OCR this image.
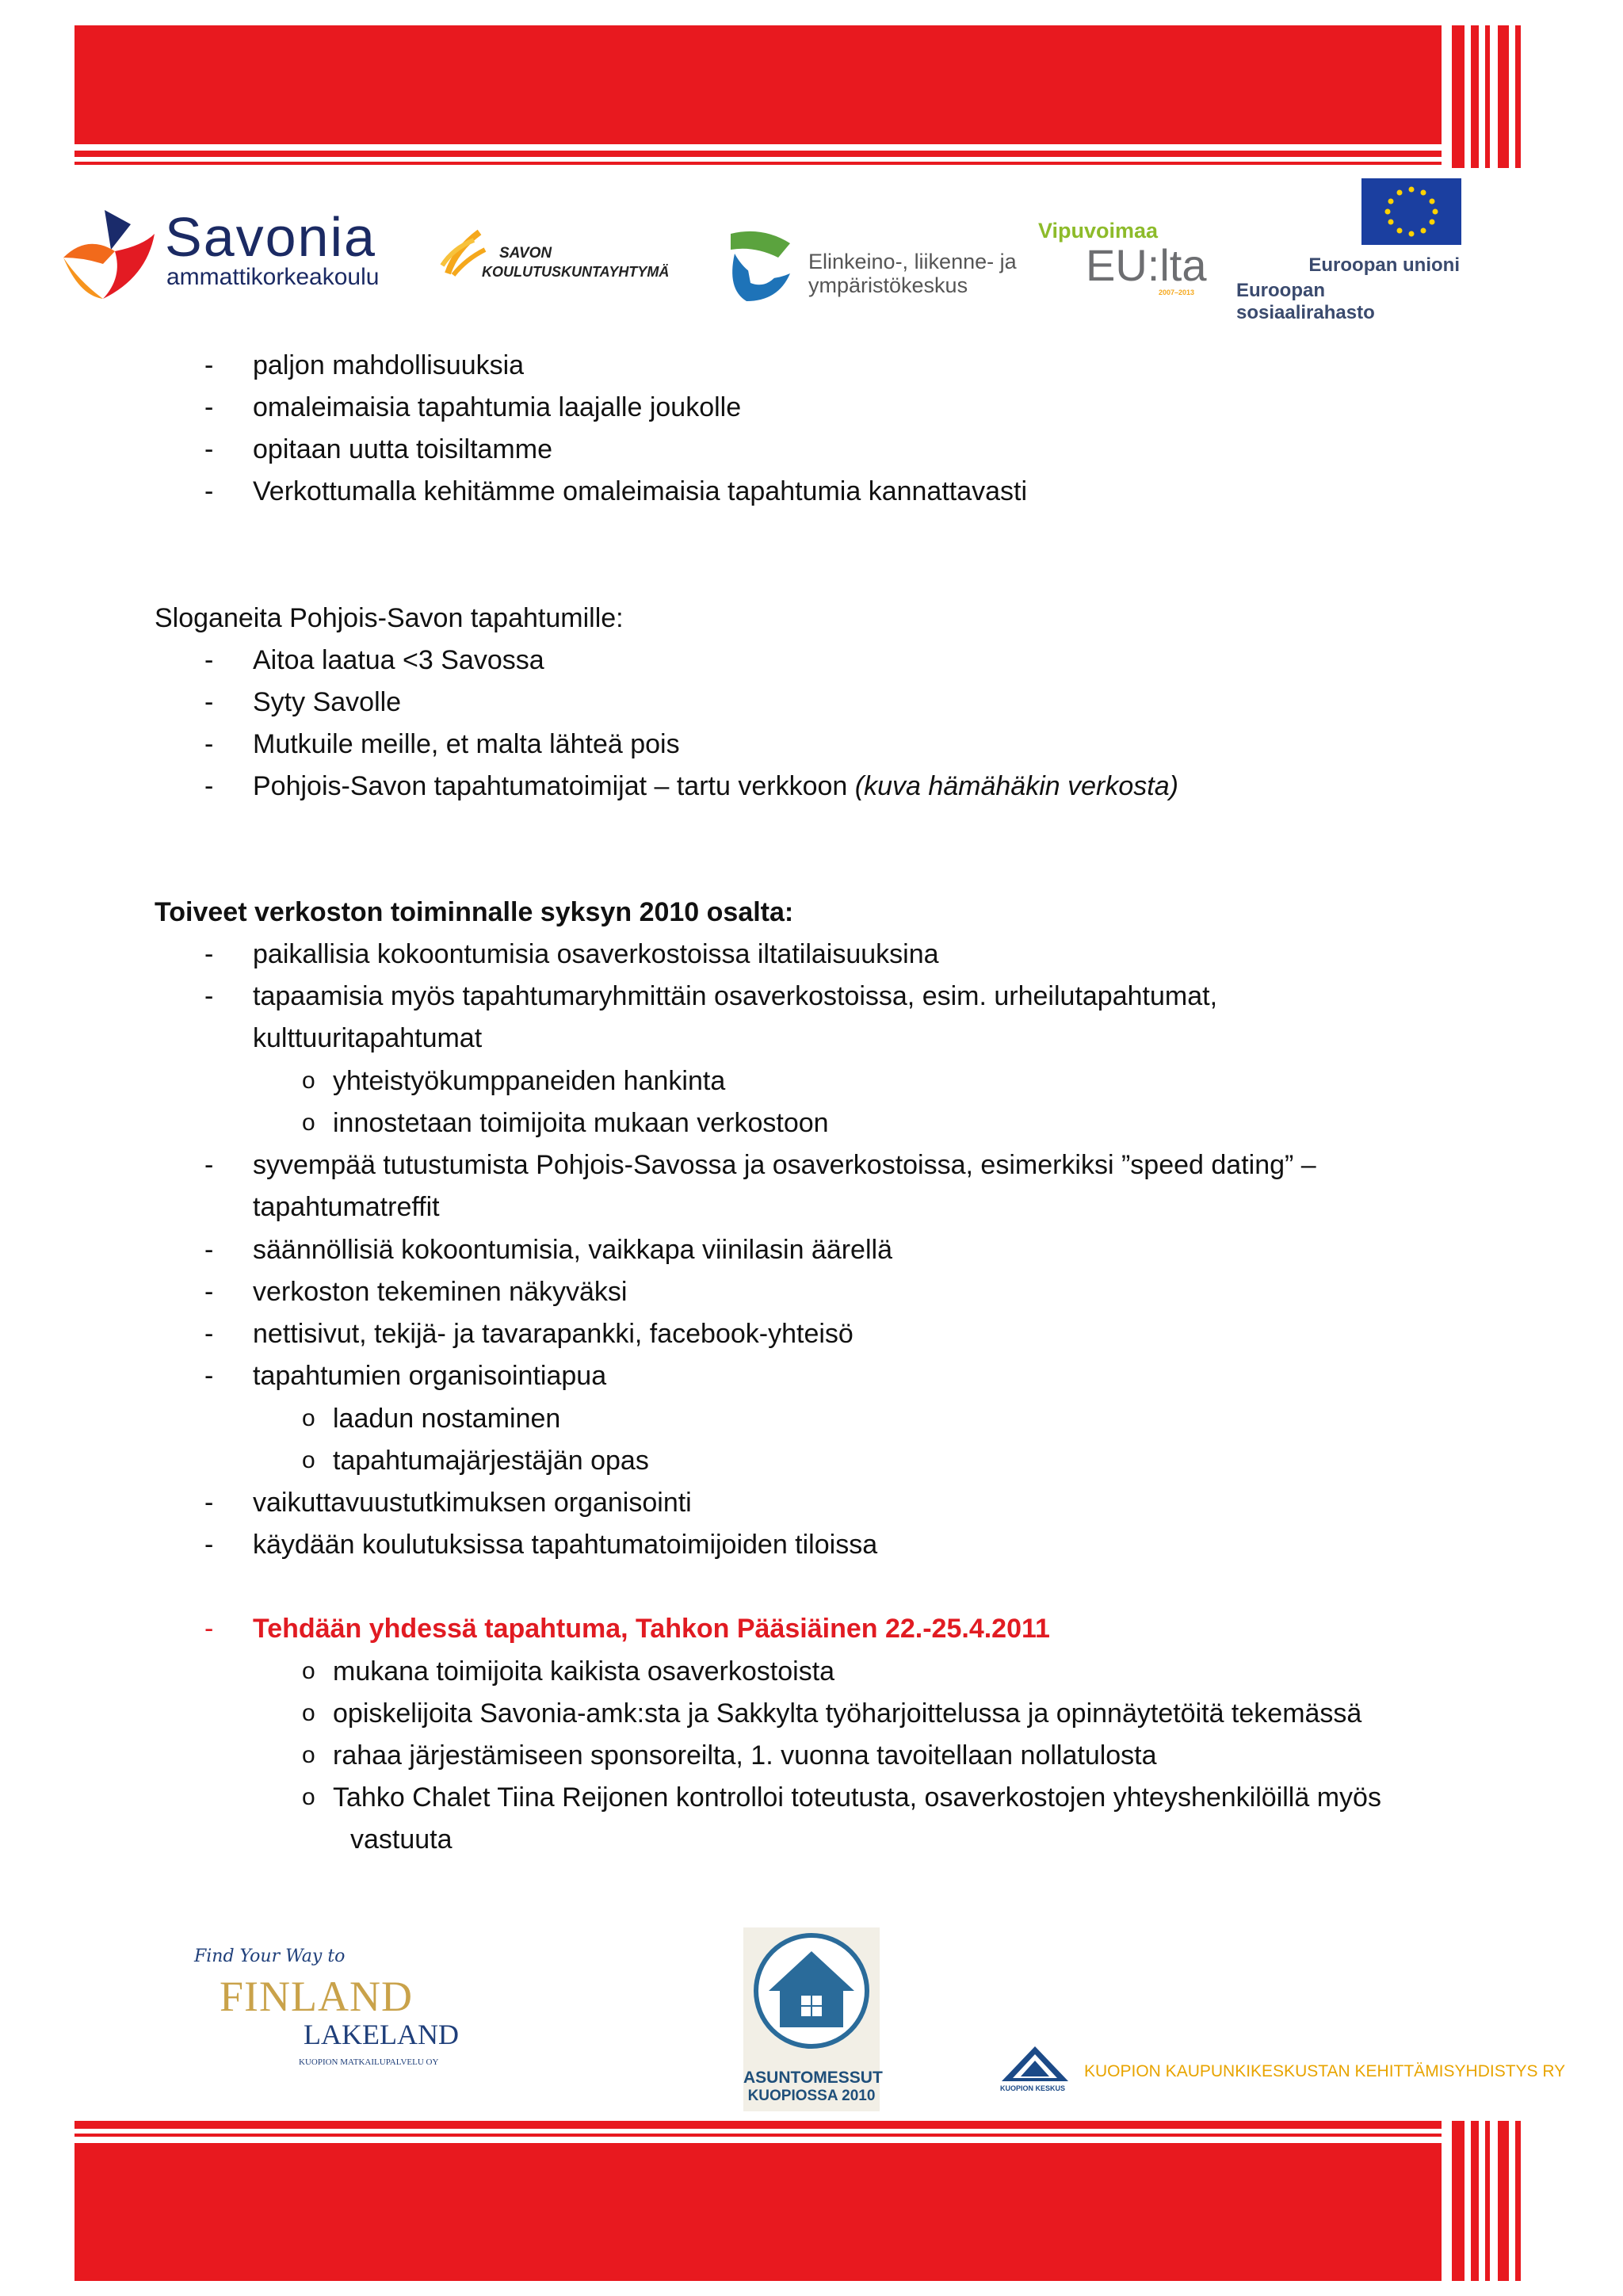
Savonia
ammattikorkeakoulu
SAVON
KOULUTUSKUNTAYHTYMÄ	Elinkeino-, liikenne- ja
ympäristökeskus
Vipuvoimaa
EU:lta
2007–2013
Euroopan unioni
Euroopan sosiaalirahasto
- paljon mahdollisuuksia
- omaleimaisia tapahtumia laajalle joukolle
- opitaan uutta toisiltamme
- Verkottumalla kehitämme omaleimaisia tapahtumia kannattavasti
Sloganeita Pohjois-Savon tapahtumille:
- Aitoa laatua <3 Savossa
- Syty Savolle
- Mutkuile meille, et malta lähteä pois
- Pohjois-Savon tapahtumatoimijat – tartu verkkoon (kuva hämähäkin verkosta)
Toiveet verkoston toiminnalle syksyn 2010 osalta:
- paikallisia kokoontumisia osaverkostoissa iltatilaisuuksina
- tapaamisia myös tapahtumaryhmittäin osaverkostoissa, esim. urheilutapahtumat,
kulttuuritapahtumat
o yhteistyökumppaneiden hankinta
o innostetaan toimijoita mukaan verkostoon
- syvempää tutustumista Pohjois-Savossa ja osaverkostoissa, esimerkiksi ”speed dating” –
tapahtumatreffit
- säännöllisiä kokoontumisia, vaikkapa viinilasin äärellä
- verkoston tekeminen näkyväksi
- nettisivut, tekijä- ja tavarapankki, facebook-yhteisö
- tapahtumien organisointiapua
o laadun nostaminen
o tapahtumajärjestäjän opas
- vaikuttavuustutkimuksen organisointi
- käydään koulutuksissa tapahtumatoimijoiden tiloissa
- Tehdään yhdessä tapahtuma, Tahkon Pääsiäinen 22.-25.4.2011
o mukana toimijoita kaikista osaverkostoista
o opiskelijoita Savonia-amk:sta ja Sakkylta työharjoittelussa ja opinnäytetöitä tekemässä
o rahaa järjestämiseen sponsoreilta, 1. vuonna tavoitellaan nollatulosta
o Tahko Chalet Tiina Reijonen kontrolloi toteutusta, osaverkostojen yhteyshenkilöillä myös
vastuuta
Find Your Way to
FINLAND
LAKELAND
KUOPION MATKAILUPALVELU OY
ASUNTOMESSUT
KUOPIOSSA 2010	KUOPION KESKUS
KUOPION KAUPUNKIKESKUSTAN KEHITTÄMISYHDISTYS RY
